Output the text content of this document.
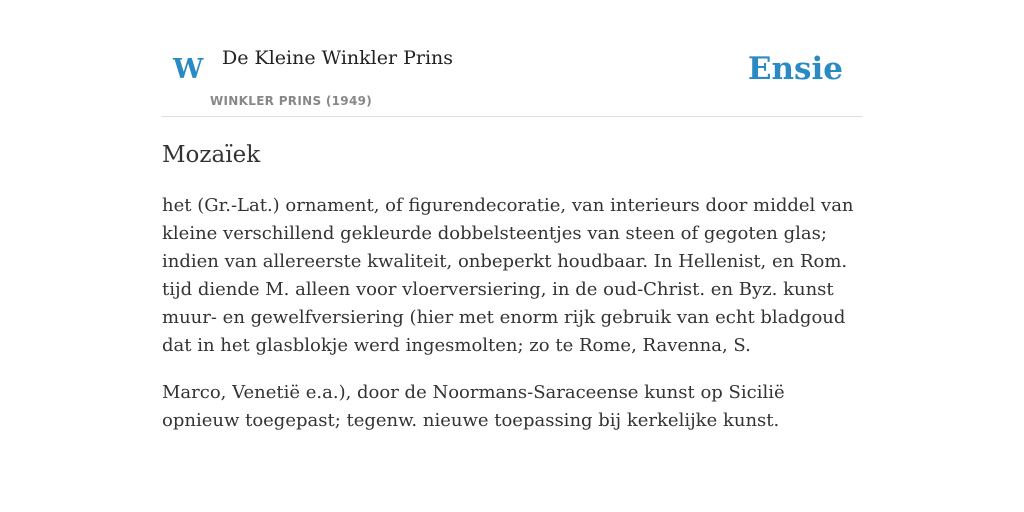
W De Kleine Winkler Prins
WINKLER PRINS (1949)
Ensie
Mozaïek

het (Gr.-Lat.) ornament, of figurendecoratie, van interieurs door middel van kleine verschillend gekleurde dobbelsteentjes van steen of gegoten glas; indien van allereerste kwaliteit, onbeperkt houdbaar. In Hellenist, en Rom. tijd diende M. alleen voor vloerversiering, in de oud-Christ. en Byz. kunst muur- en gewelfversiering (hier met enorm rijk gebruik van echt bladgoud dat in het glasblokje werd ingesmolten; zo te Rome, Ravenna, S.

Marco, Venetië e.a.), door de Noormans-Saraceense kunst op Sicilië opnieuw toegepast; tegenw. nieuwe toepassing bij kerkelijke kunst.
